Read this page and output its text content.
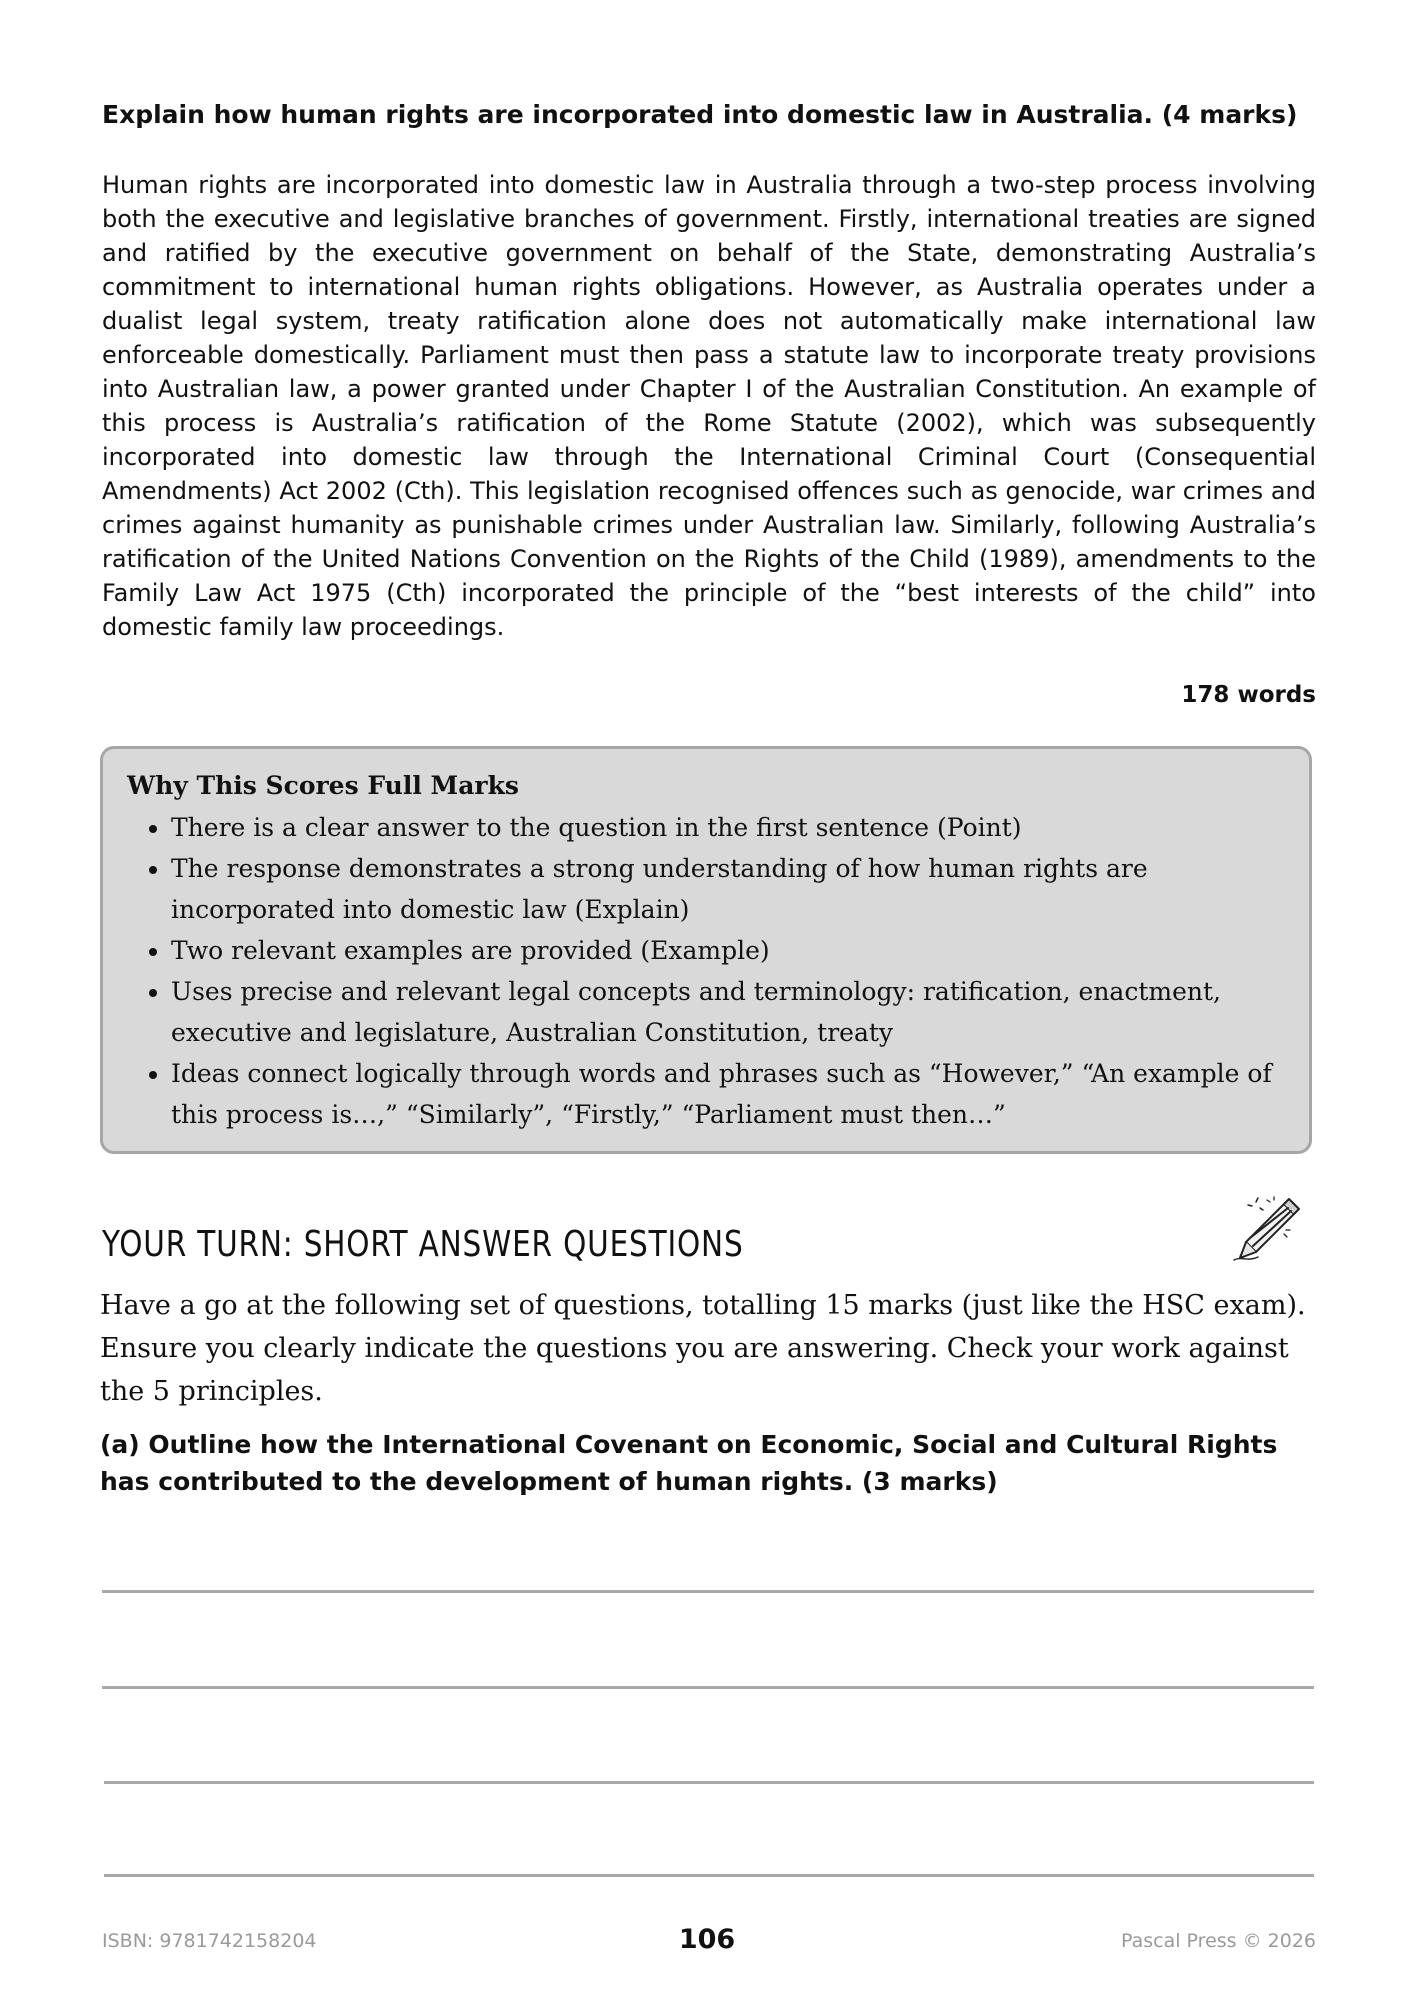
Explain how human rights are incorporated into domestic law in Australia. (4 marks)

Human rights are incorporated into domestic law in Australia through a two-step process involving both the executive and legislative branches of government. Firstly, international treaties are signed and ratified by the executive government on behalf of the State, demonstrating Australia’s commitment to international human rights obligations. However, as Australia operates under a dualist legal system, treaty ratification alone does not automatically make international law enforceable domestically. Parliament must then pass a statute law to incorporate treaty provisions into Australian law, a power granted under Chapter I of the Australian Constitution. An example of this process is Australia’s ratification of the Rome Statute (2002), which was subsequently incorporated into domestic law through the International Criminal Court (Consequential Amendments) Act 2002 (Cth). This legislation recognised offences such as genocide, war crimes and crimes against humanity as punishable crimes under Australian law. Similarly, following Australia’s ratification of the United Nations Convention on the Rights of the Child (1989), amendments to the Family Law Act 1975 (Cth) incorporated the principle of the “best interests of the child” into domestic family law proceedings.

178 words
Why This Scores Full Marks
• There is a clear answer to the question in the first sentence (Point)
• The response demonstrates a strong understanding of how human rights are incorporated into domestic law (Explain)
• Two relevant examples are provided (Example)
• Uses precise and relevant legal concepts and terminology: ratification, enactment, executive and legislature, Australian Constitution, treaty
• Ideas connect logically through words and phrases such as “However,” “An example of this process is…,” “Similarly”, “Firstly,” “Parliament must then…”
YOUR TURN: SHORT ANSWER QUESTIONS

Have a go at the following set of questions, totalling 15 marks (just like the HSC exam). Ensure you clearly indicate the questions you are answering. Check your work against the 5 principles.

(a) Outline how the International Covenant on Economic, Social and Cultural Rights has contributed to the development of human rights. (3 marks)

ISBN: 9781742158204	106	Pascal Press © 2026
